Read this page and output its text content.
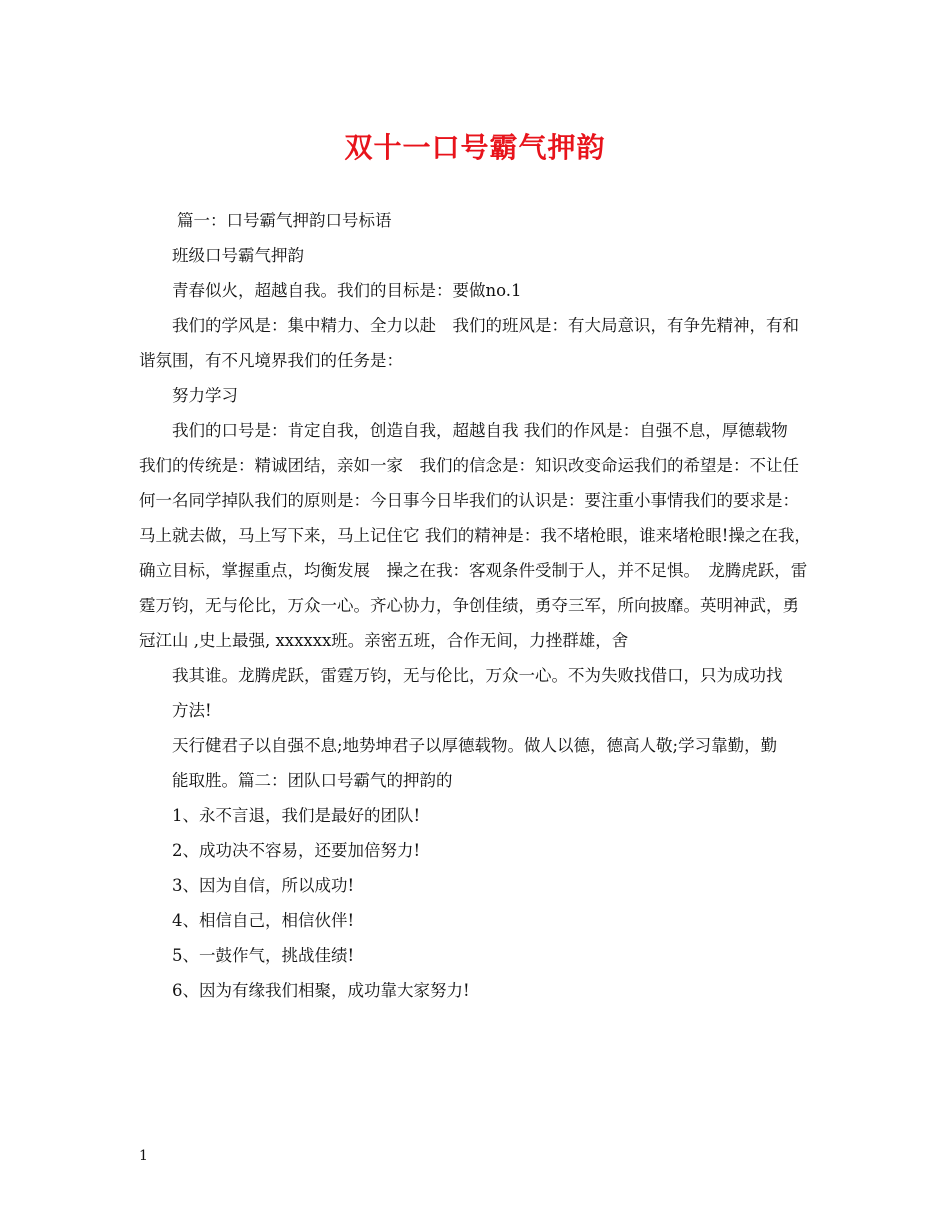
双十一口号霸气押韵

篇一：口号霸气押韵口号标语

班级口号霸气押韵

青春似火，超越自我。我们的目标是：要做no.1

我们的学风是：集中精力、全力以赴　我们的班风是：有大局意识，有争先精神，有和谐氛围，有不凡境界我们的任务是：

努力学习

我们的口号是：肯定自我，创造自我，超越自我 我们的作风是：自强不息，厚德载物　我们的传统是：精诚团结，亲如一家　我们的信念是：知识改变命运我们的希望是：不让任何一名同学掉队我们的原则是：今日事今日毕我们的认识是：要注重小事情我们的要求是：马上就去做，马上写下来，马上记住它 我们的精神是：我不堵枪眼，谁来堵枪眼!操之在我，确立目标，掌握重点，均衡发展　操之在我：客观条件受制于人，并不足惧。　龙腾虎跃，雷霆万钧，无与伦比，万众一心。齐心协力，争创佳绩，勇夺三军，所向披靡。英明神武，勇冠江山 ,史上最强, xxxxxx班。亲密五班，合作无间，力挫群雄，舍

我其谁。龙腾虎跃，雷霆万钧，无与伦比，万众一心。不为失败找借口，只为成功找

方法!

天行健君子以自强不息;地势坤君子以厚德载物。做人以德，德高人敬;学习靠勤，勤

能取胜。篇二：团队口号霸气的押韵的

1、永不言退，我们是最好的团队!

2、成功决不容易，还要加倍努力!

3、因为自信，所以成功!

4、相信自己，相信伙伴!

5、一鼓作气，挑战佳绩!

6、因为有缘我们相聚，成功靠大家努力!

1
